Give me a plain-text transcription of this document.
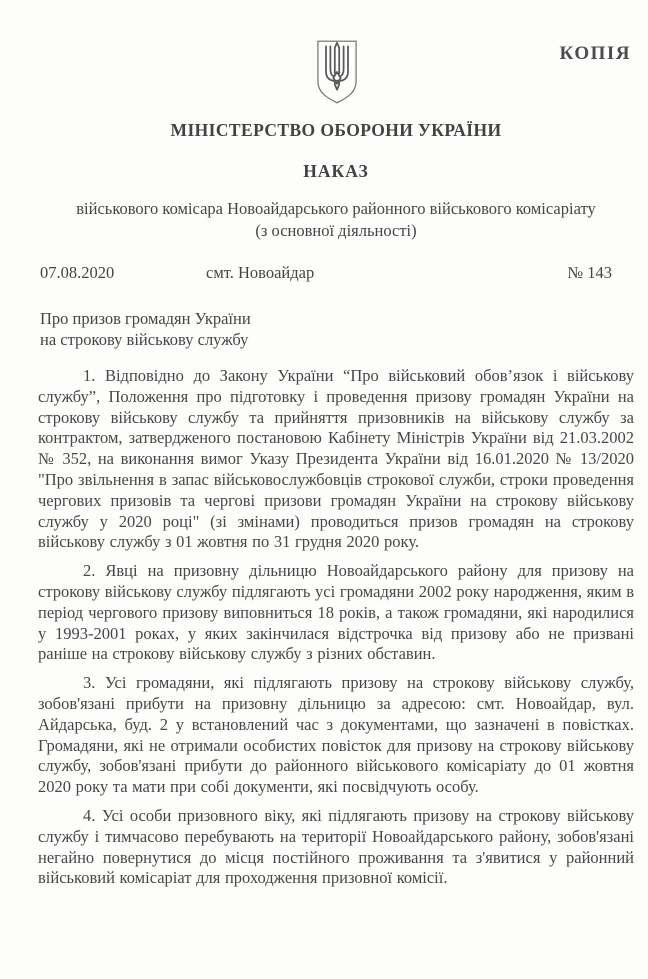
КОПІЯ
МІНІСТЕРСТВО ОБОРОНИ УКРАЇНИ
НАКАЗ
військового комісара Новоайдарського районного військового комісаріату
(з основної діяльності)
07.08.2020	смт. Новоайдар	№ 143
Про призов громадян України
на строкову військову службу

1. Відповідно до Закону України “Про військовий обов’язок і військову службу”, Положення про підготовку і проведення призову громадян України на строкову військову службу та прийняття призовників на військову службу за контрактом, затвердженого постановою Кабінету Міністрів України від 21.03.2002 № 352, на виконання вимог Указу Президента України від 16.01.2020 № 13/2020 "Про звільнення в запас військовослужбовців строкової служби, строки проведення чергових призовів та чергові призови громадян України на строкову військову службу у 2020 році" (зі змінами) проводиться призов громадян на строкову військову службу з 01 жовтня по 31 грудня 2020 року.

2. Явці на призовну дільницю Новоайдарського району для призову на строкову військову службу підлягають усі громадяни 2002 року народження, яким в період чергового призову виповниться 18 років, а також громадяни, які народилися у 1993-2001 роках, у яких закінчилася відстрочка від призову або не призвані раніше на строкову військову службу з різних обставин.

3. Усі громадяни, які підлягають призову на строкову військову службу, зобов'язані прибути на призовну дільницю за адресою: смт. Новоайдар, вул. Айдарська, буд. 2 у встановлений час з документами, що зазначені в повістках. Громадяни, які не отримали особистих повісток для призову на строкову військову службу, зобов'язані прибути до районного військового комісаріату до 01 жовтня 2020 року та мати при собі документи, які посвідчують особу.

4. Усі особи призовного віку, які підлягають призову на строкову військову службу і тимчасово перебувають на території Новоайдарського району, зобов'язані негайно повернутися до місця постійного проживання та з'явитися у районний військовий комісаріат для проходження призовної комісії.
